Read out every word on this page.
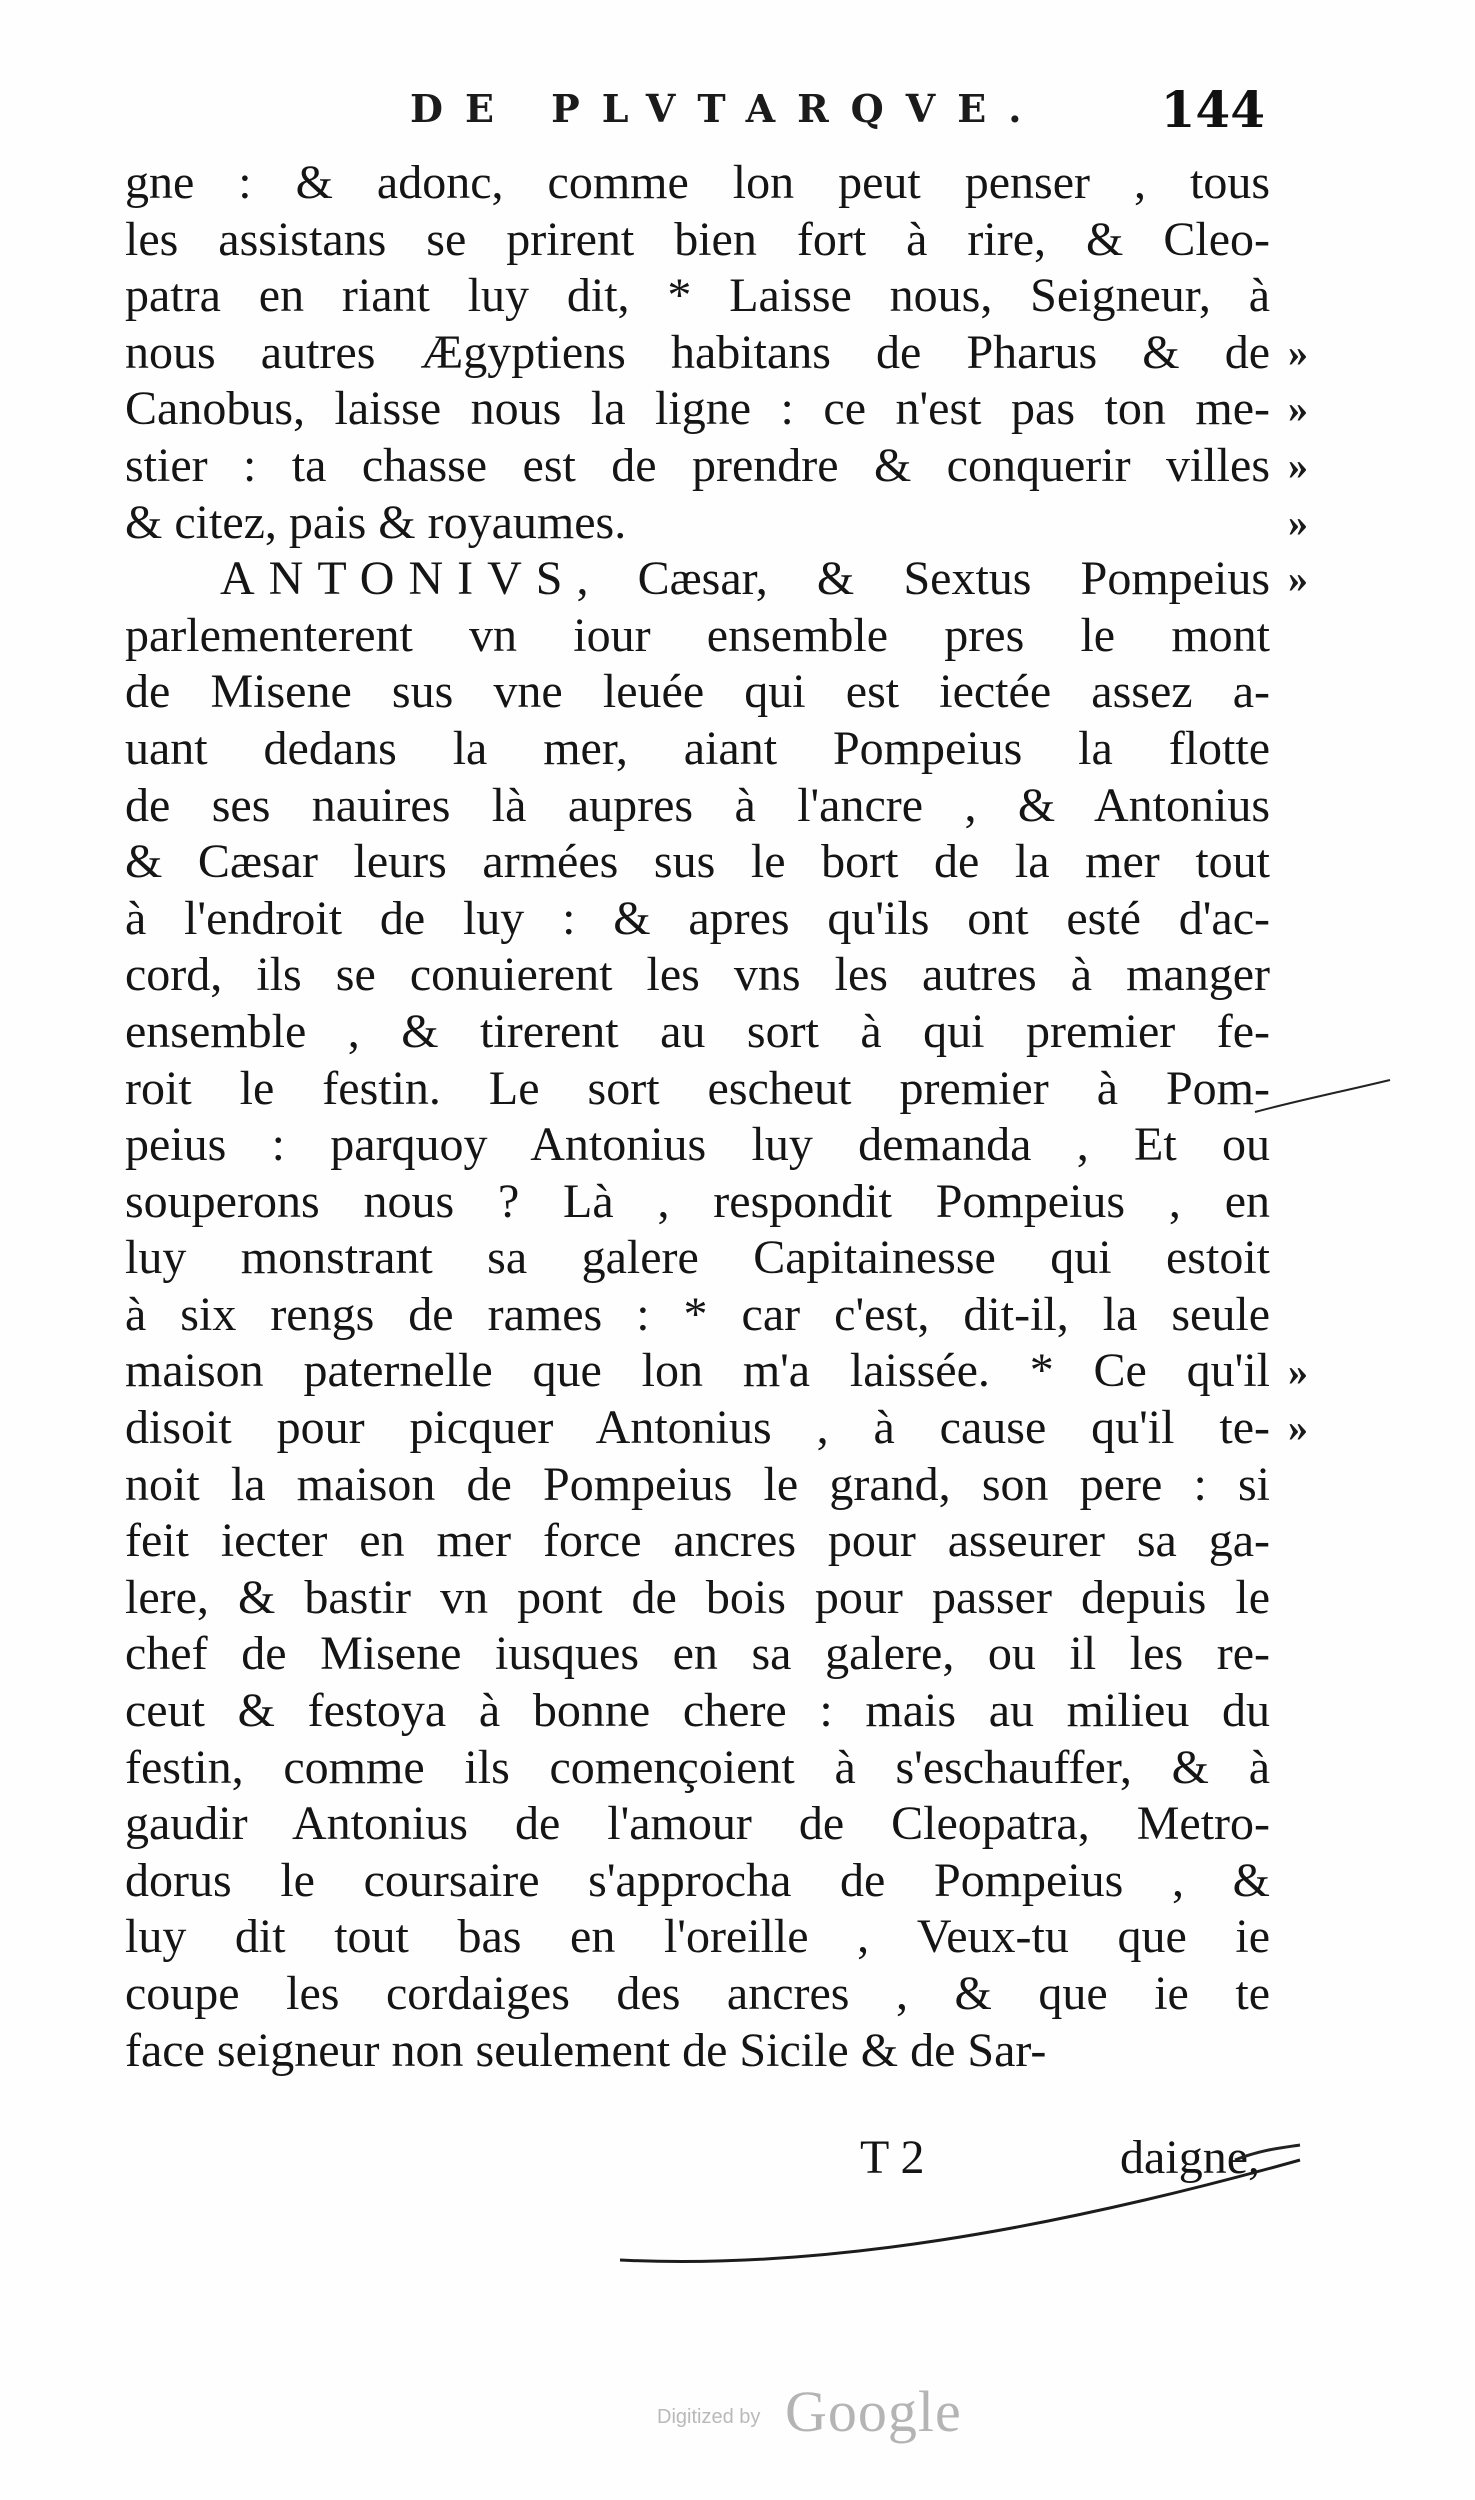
DE PLVTARQVE. 144
gne : & adonc, comme lon peut penser , tous
les assistans se prirent bien fort à rire, & Cleo-
patra en riant luy dit, * Laisse nous, Seigneur, à
nous autres Ægyptiens habitans de Pharus & de
Canobus, laisse nous la ligne : ce n'est pas ton me-
stier : ta chasse est de prendre & conquerir villes
& citez, pais & royaumes.
ANTONIVS, Cæsar, & Sextus Pompeius
parlementerent vn iour ensemble pres le mont
de Misene sus vne leuée qui est iectée assez a-
uant dedans la mer, aiant Pompeius la flotte
de ses nauires là aupres à l'ancre , & Antonius
& Cæsar leurs armées sus le bort de la mer tout
à l'endroit de luy : & apres qu'ils ont esté d'ac-
cord, ils se conuierent les vns les autres à manger
ensemble , & tirerent au sort à qui premier fe-
roit le festin. Le sort escheut premier à Pom-
peius : parquoy Antonius luy demanda , Et ou
souperons nous ? Là , respondit Pompeius , en
luy monstrant sa galere Capitainesse qui estoit
à six rengs de rames : * car c'est, dit-il, la seule
maison paternelle que lon m'a laissée. * Ce qu'il
disoit pour picquer Antonius , à cause qu'il te-
noit la maison de Pompeius le grand, son pere : si
feit iecter en mer force ancres pour asseurer sa ga-
lere, & bastir vn pont de bois pour passer depuis le
chef de Misene iusques en sa galere, ou il les re-
ceut & festoya à bonne chere : mais au milieu du
festin, comme ils començoient à s'eschauffer, & à
gaudir Antonius de l'amour de Cleopatra, Metro-
dorus le coursaire s'approcha de Pompeius , &
luy dit tout bas en l'oreille , Veux-tu que ie
coupe les cordaiges des ancres , & que ie te
face seigneur non seulement de Sicile & de Sar-
»
»
»
»
»
»
»
T 2	daigne,
Digitized by Google
